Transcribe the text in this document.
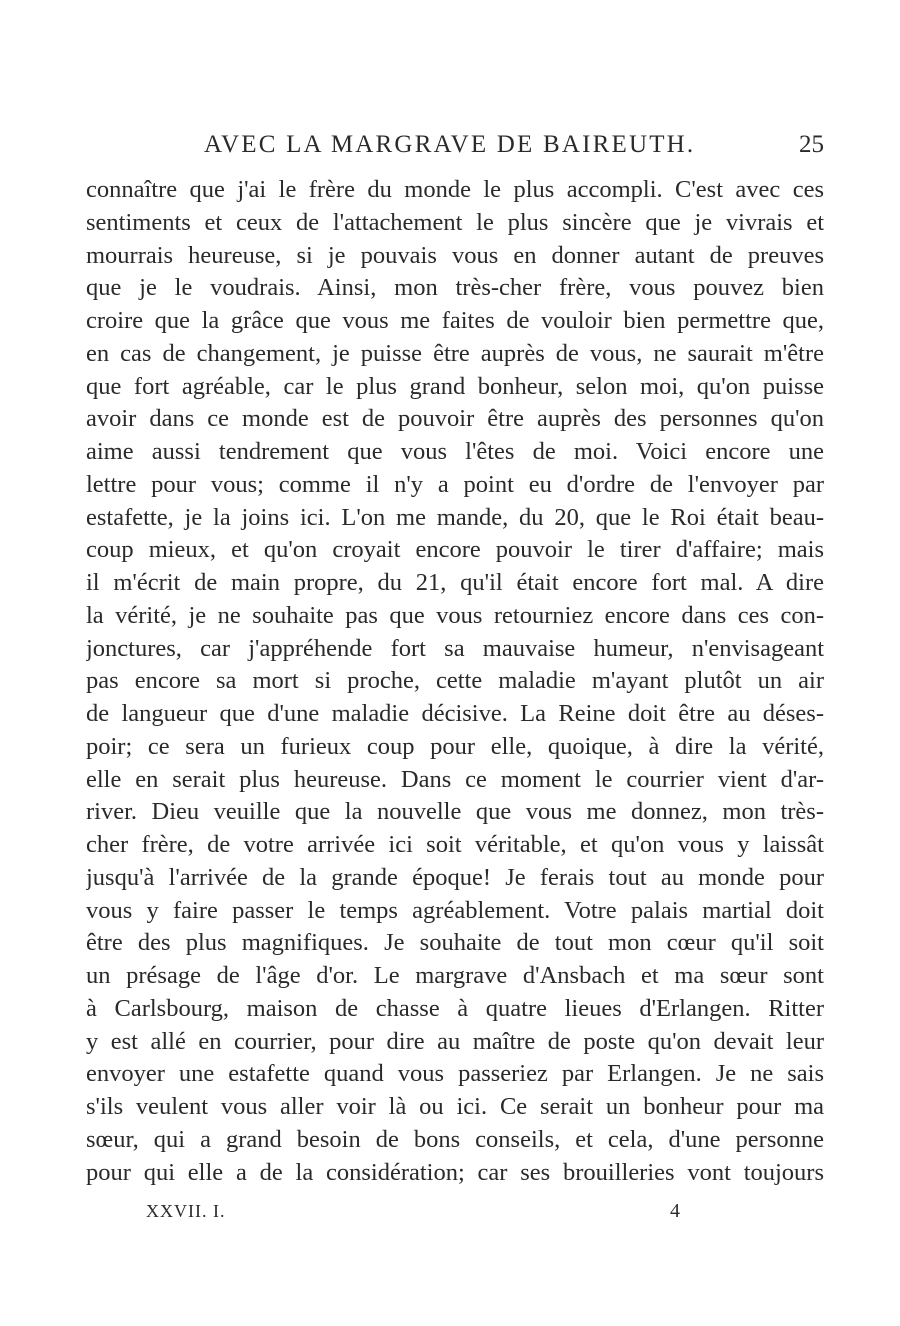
AVEC LA MARGRAVE DE BAIREUTH.	25
connaître que j'ai le frère du monde le plus accompli. C'est avec ces
sentiments et ceux de l'attachement le plus sincère que je vivrais et
mourrais heureuse, si je pouvais vous en donner autant de preuves
que je le voudrais. Ainsi, mon très-cher frère, vous pouvez bien
croire que la grâce que vous me faites de vouloir bien permettre que,
en cas de changement, je puisse être auprès de vous, ne saurait m'être
que fort agréable, car le plus grand bonheur, selon moi, qu'on puisse
avoir dans ce monde est de pouvoir être auprès des personnes qu'on
aime aussi tendrement que vous l'êtes de moi. Voici encore une
lettre pour vous; comme il n'y a point eu d'ordre de l'envoyer par
estafette, je la joins ici. L'on me mande, du 20, que le Roi était beau-
coup mieux, et qu'on croyait encore pouvoir le tirer d'affaire; mais
il m'écrit de main propre, du 21, qu'il était encore fort mal. A dire
la vérité, je ne souhaite pas que vous retourniez encore dans ces con-
jonctures, car j'appréhende fort sa mauvaise humeur, n'envisageant
pas encore sa mort si proche, cette maladie m'ayant plutôt un air
de langueur que d'une maladie décisive. La Reine doit être au déses-
poir; ce sera un furieux coup pour elle, quoique, à dire la vérité,
elle en serait plus heureuse. Dans ce moment le courrier vient d'ar-
river. Dieu veuille que la nouvelle que vous me donnez, mon très-
cher frère, de votre arrivée ici soit véritable, et qu'on vous y laissât
jusqu'à l'arrivée de la grande époque! Je ferais tout au monde pour
vous y faire passer le temps agréablement. Votre palais martial doit
être des plus magnifiques. Je souhaite de tout mon cœur qu'il soit
un présage de l'âge d'or. Le margrave d'Ansbach et ma sœur sont
à Carlsbourg, maison de chasse à quatre lieues d'Erlangen. Ritter
y est allé en courrier, pour dire au maître de poste qu'on devait leur
envoyer une estafette quand vous passeriez par Erlangen. Je ne sais
s'ils veulent vous aller voir là ou ici. Ce serait un bonheur pour ma
sœur, qui a grand besoin de bons conseils, et cela, d'une personne
pour qui elle a de la considération; car ses brouilleries vont toujours
XXVII. I.	4
